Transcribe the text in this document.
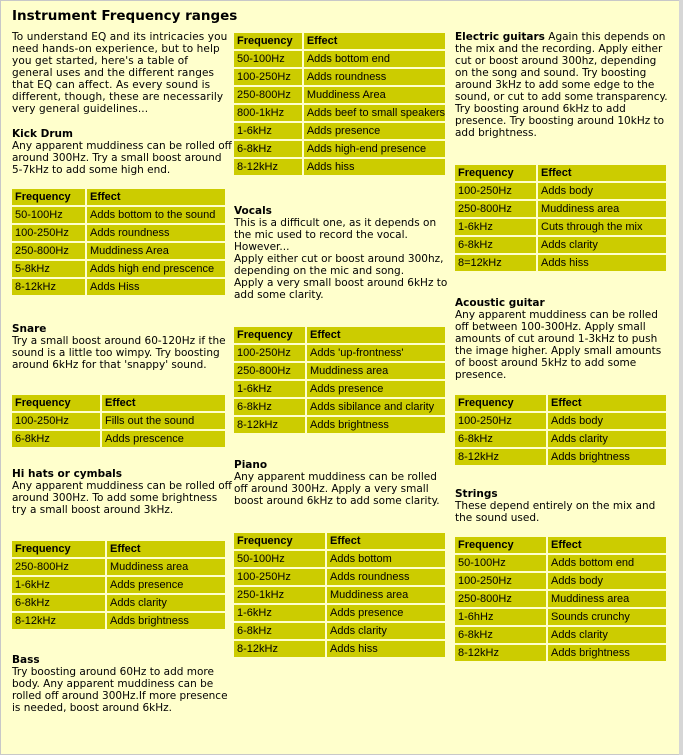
Instrument Frequency ranges

To understand EQ and its intricacies you need hands-on experience, but to help you get started, here's a table of general uses and the different ranges that EQ can affect. As every sound is different, though, these are necessarily very general guidelines...

Kick Drum

Any apparent muddiness can be rolled off around 300Hz. Try a small boost around 5-7kHz to add some high end.

Frequency	Effect
50-100Hz	Adds bottom to the sound
100-250Hz	Adds roundness
250-800Hz	Muddiness Area
5-8kHz	Adds high end prescence
8-12kHz	Adds Hiss

Snare

Try a small boost around 60-120Hz if the sound is a little too wimpy. Try boosting around 6kHz for that 'snappy' sound.

Frequency	Effect
100-250Hz	Fills out the sound
6-8kHz	Adds prescence

Hi hats or cymbals

Any apparent muddiness can be rolled off around 300Hz. To add some brightness try a small boost around 3kHz.

Frequency	Effect
250-800Hz	Muddiness area
1-6kHz	Adds presence
6-8kHz	Adds clarity
8-12kHz	Adds brightness

Bass

Try boosting around 60Hz to add more body. Any apparent muddiness can be rolled off around 300Hz.If more presence is needed, boost around 6kHz.

Frequency	Effect
50-100Hz	Adds bottom end
100-250Hz	Adds roundness
250-800Hz	Muddiness Area
800-1kHz	Adds beef to small speakers
1-6kHz	Adds presence
6-8kHz	Adds high-end presence
8-12kHz	Adds hiss

Vocals

This is a difficult one, as it depends on the mic used to record the vocal. However...

Apply either cut or boost around 300hz, depending on the mic and song.

Apply a very small boost around 6kHz to add some clarity.

Frequency	Effect
100-250Hz	Adds 'up-frontness'
250-800Hz	Muddiness area
1-6kHz	Adds presence
6-8kHz	Adds sibilance and clarity
8-12kHz	Adds brightness

Piano

Any apparent muddiness can be rolled off around 300Hz. Apply a very small boost around 6kHz to add some clarity.

Frequency	Effect
50-100Hz	Adds bottom
100-250Hz	Adds roundness
250-1kHz	Muddiness area
1-6kHz	Adds presence
6-8kHz	Adds clarity
8-12kHz	Adds hiss

Electric guitars Again this depends on the mix and the recording. Apply either cut or boost around 300hz, depending on the song and sound. Try boosting around 3kHz to add some edge to the sound, or cut to add some transparency. Try boosting around 6kHz to add presence. Try boosting around 10kHz to add brightness.

Frequency	Effect
100-250Hz	Adds body
250-800Hz	Muddiness area
1-6kHz	Cuts through the mix
6-8kHz	Adds clarity
8=12kHz	Adds hiss

Acoustic guitar

Any apparent muddiness can be rolled off between 100-300Hz. Apply small amounts of cut around 1-3kHz to push the image higher. Apply small amounts of boost around 5kHz to add some presence.

Frequency	Effect
100-250Hz	Adds body
6-8kHz	Adds clarity
8-12kHz	Adds brightness

Strings

These depend entirely on the mix and the sound used.

Frequency	Effect
50-100Hz	Adds bottom end
100-250Hz	Adds body
250-800Hz	Muddiness area
1-6hHz	Sounds crunchy
6-8kHz	Adds clarity
8-12kHz	Adds brightness
